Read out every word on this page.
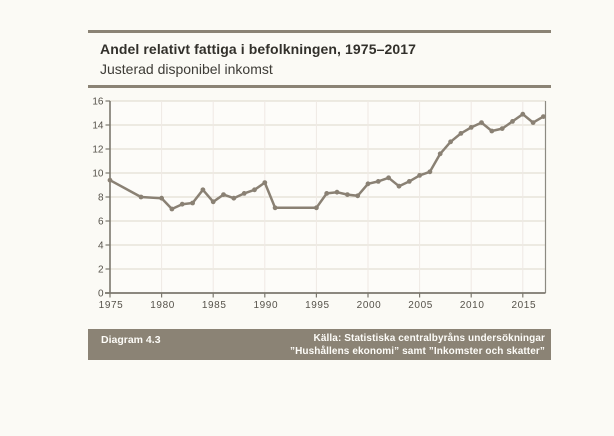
Andel relativt fattiga i befolkningen, 1975–2017
Justerad disponibel inkomst
0
2
4
6
8
10
12
14
16
1975	1980	1985	1990	1995	2000	2005	2010	2015
Diagram 4.3	Källa: Statistiska centralbyråns undersökningar
”Hushållens ekonomi” samt ”Inkomster och skatter”
